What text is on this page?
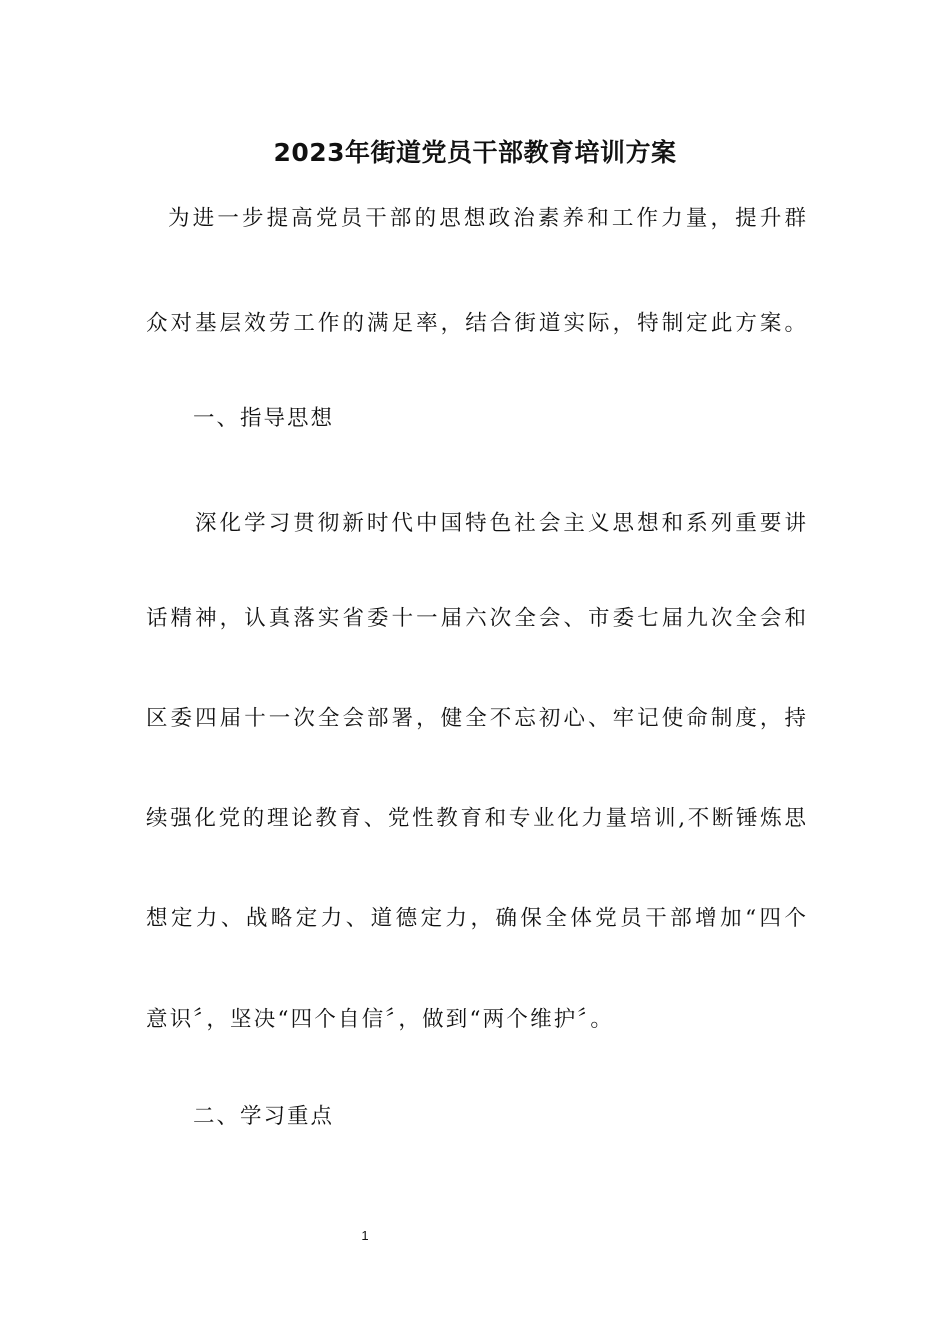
2023年街道党员干部教育培训方案
为进一步提高党员干部的思想政治素养和工作力量，提升群
众对基层效劳工作的满足率，结合街道实际，特制定此方案。
一、指导思想
深化学习贯彻新时代中国特色社会主义思想和系列重要讲
话精神，认真落实省委十一届六次全会、市委七届九次全会和
区委四届十一次全会部署，健全不忘初心、牢记使命制度，持
续强化党的理论教育、党性教育和专业化力量培训,不断锤炼思
想定力、战略定力、道德定力，确保全体党员干部增加“四个
意识〞，坚决“四个自信〞，做到“两个维护〞。
二、学习重点
1
